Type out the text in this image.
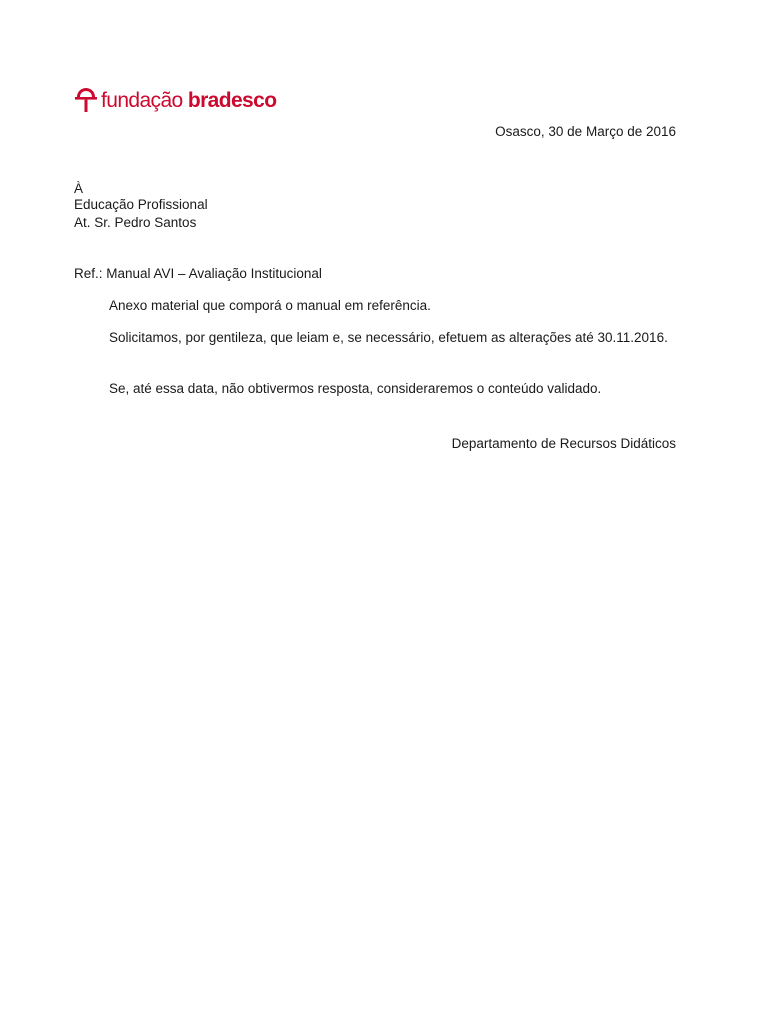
fundação bradesco
Osasco, 30 de Março de 2016
À
Educação Profissional
At. Sr. Pedro Santos
Ref.: Manual AVI – Avaliação Institucional
Anexo material que comporá o manual em referência.
Solicitamos, por gentileza, que leiam e, se necessário, efetuem as alterações até 30.11.2016.
Se, até essa data, não obtivermos resposta, consideraremos o conteúdo validado.
Departamento de Recursos Didáticos
